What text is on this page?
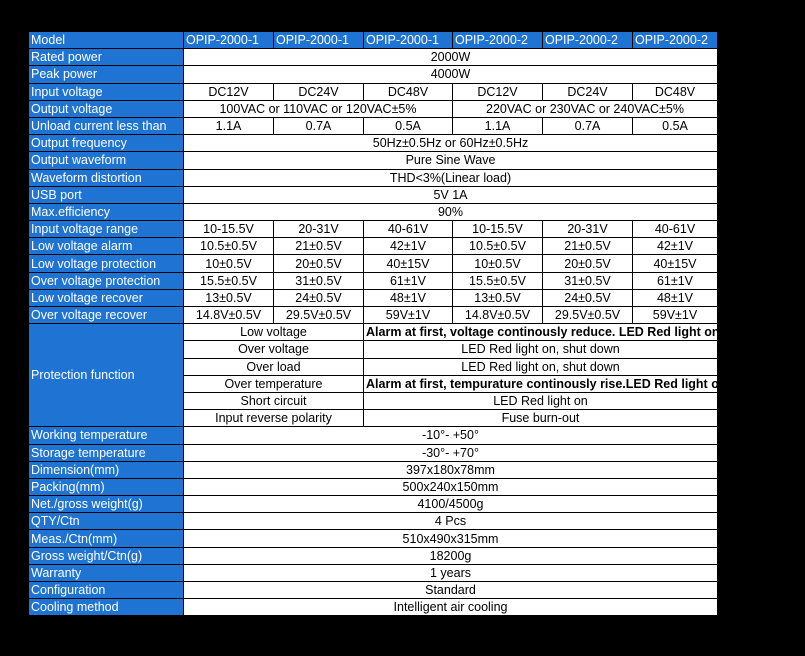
Model	OPIP-2000-1	OPIP-2000-1	OPIP-2000-1	OPIP-2000-2	OPIP-2000-2	OPIP-2000-2
Rated power	2000W					
Peak power	4000W					
Input voltage	DC12V	DC24V	DC48V	DC12V	DC24V	DC48V
Output voltage	100VAC or 110VAC or 120VAC±5%			220VAC or 230VAC or 240VAC±5%		
Unload current less than	1.1A	0.7A	0.5A	1.1A	0.7A	0.5A
Output frequency	50Hz±0.5Hz or 60Hz±0.5Hz					
Output waveform	Pure Sine Wave					
Waveform distortion	THD<3%(Linear load)					
USB port	5V 1A					
Max.efficiency	90%					
Input voltage range	10-15.5V	20-31V	40-61V	10-15.5V	20-31V	40-61V
Low voltage alarm	10.5±0.5V	21±0.5V	42±1V	10.5±0.5V	21±0.5V	42±1V
Low voltage protection	10±0.5V	20±0.5V	40±15V	10±0.5V	20±0.5V	40±15V
Over voltage protection	15.5±0.5V	31±0.5V	61±1V	15.5±0.5V	31±0.5V	61±1V
Low voltage recover	13±0.5V	24±0.5V	48±1V	13±0.5V	24±0.5V	48±1V
Over voltage recover	14.8V±0.5V	29.5V±0.5V	59V±1V	14.8V±0.5V	29.5V±0.5V	59V±1V
Protection function	Low voltage		Alarm at first, voltage continously reduce. LED Red light on & shut down.			
	Over voltage		LED Red light on, shut down			
	Over load		LED Red light on, shut down			
	Over temperature		Alarm at first, tempurature continously rise.LED Red light on & shut down			
	Short circuit		LED Red light on			
	Input reverse polarity		Fuse burn-out			
Working temperature	-10°- +50°					
Storage temperature	-30°- +70°					
Dimension(mm)	397x180x78mm					
Packing(mm)	500x240x150mm					
Net./gross weight(g)	4100/4500g					
QTY/Ctn	4 Pcs					
Meas./Ctn(mm)	510x490x315mm					
Gross weight/Ctn(g)	18200g					
Warranty	1 years					
Configuration	Standard					
Cooling method	Intelligent air cooling					
